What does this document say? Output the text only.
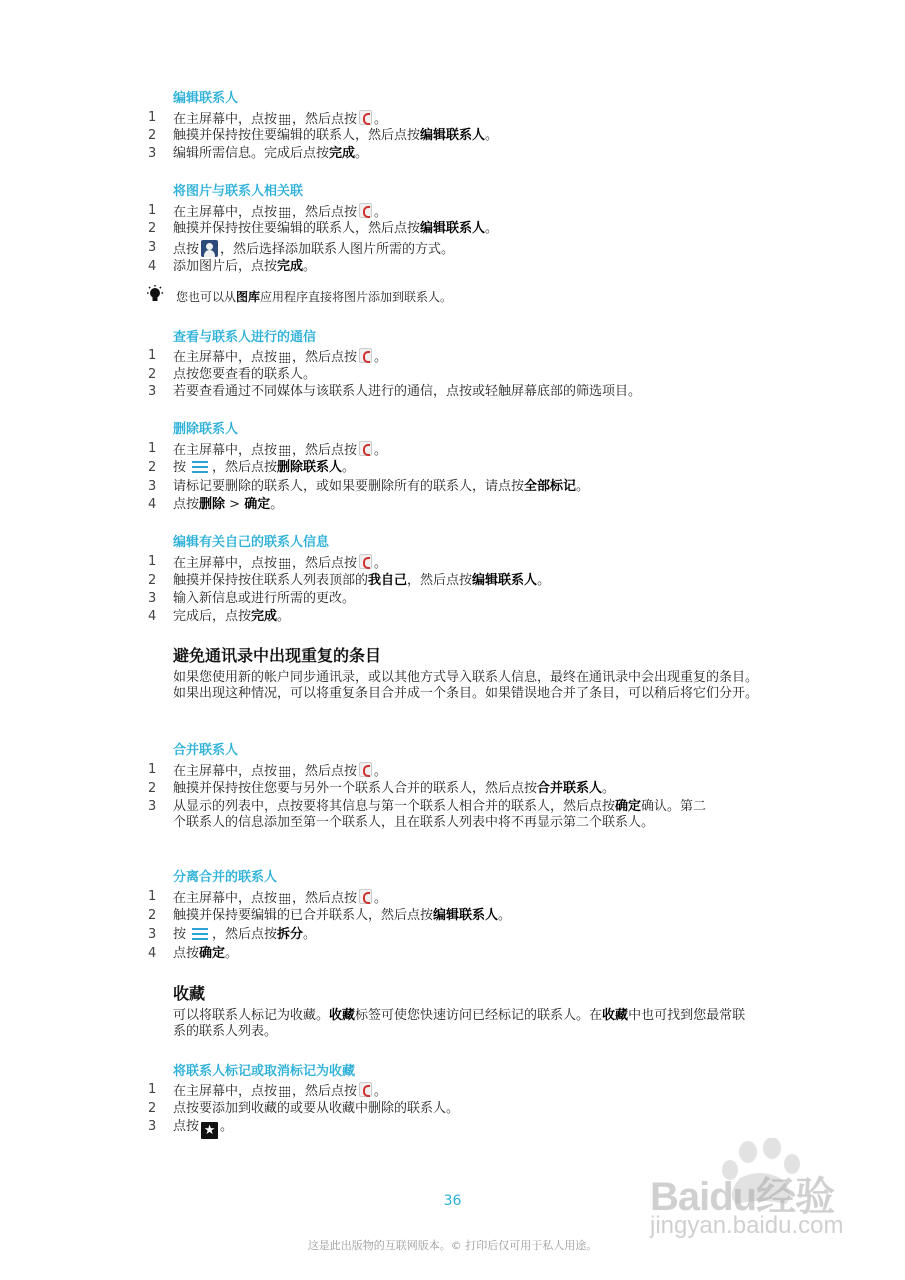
编辑联系人
1	在主屏幕中，点按 ，然后点按 。
2	触摸并保持按住要编辑的联系人，然后点按编辑联系人。
3	编辑所需信息。完成后点按完成。
将图片与联系人相关联
1	在主屏幕中，点按 ，然后点按 。
2	触摸并保持按住要编辑的联系人，然后点按编辑联系人。
3	点按 ，然后选择添加联系人图片所需的方式。
4	添加图片后，点按完成。
您也可以从图库应用程序直接将图片添加到联系人。
查看与联系人进行的通信
1	在主屏幕中，点按 ，然后点按 。
2	点按您要查看的联系人。
3	若要查看通过不同媒体与该联系人进行的通信，点按或轻触屏幕底部的筛选项目。
删除联系人
1	在主屏幕中，点按 ，然后点按 。
2	按 ，然后点按删除联系人。
3	请标记要删除的联系人，或如果要删除所有的联系人，请点按全部标记。
4	点按删除 > 确定。
编辑有关自己的联系人信息
1	在主屏幕中，点按 ，然后点按 。
2	触摸并保持按住联系人列表顶部的我自己，然后点按编辑联系人。
3	输入新信息或进行所需的更改。
4	完成后，点按完成。
避免通讯录中出现重复的条目
如果您使用新的帐户同步通讯录，或以其他方式导入联系人信息，最终在通讯录中会出现重复的条目。如果出现这种情况，可以将重复条目合并成一个条目。如果错误地合并了条目，可以稍后将它们分开。
合并联系人
1	在主屏幕中，点按 ，然后点按 。
2	触摸并保持按住您要与另外一个联系人合并的联系人，然后点按合并联系人。
3	从显示的列表中，点按要将其信息与第一个联系人相合并的联系人，然后点按确定确认。第二个联系人的信息添加至第一个联系人，且在联系人列表中将不再显示第二个联系人。
分离合并的联系人
1	在主屏幕中，点按 ，然后点按 。
2	触摸并保持要编辑的已合并联系人，然后点按编辑联系人。
3	按 ，然后点按拆分。
4	点按确定。
收藏
可以将联系人标记为收藏。收藏标签可使您快速访问已经标记的联系人。在收藏中也可找到您最常联系的联系人列表。
将联系人标记或取消标记为收藏
1	在主屏幕中，点按 ，然后点按 。
2	点按要添加到收藏的或要从收藏中删除的联系人。
3	点按 ★ 。
Baidu经验
jingyan.baidu.com
36
这是此出版物的互联网版本。© 打印后仅可用于私人用途。
